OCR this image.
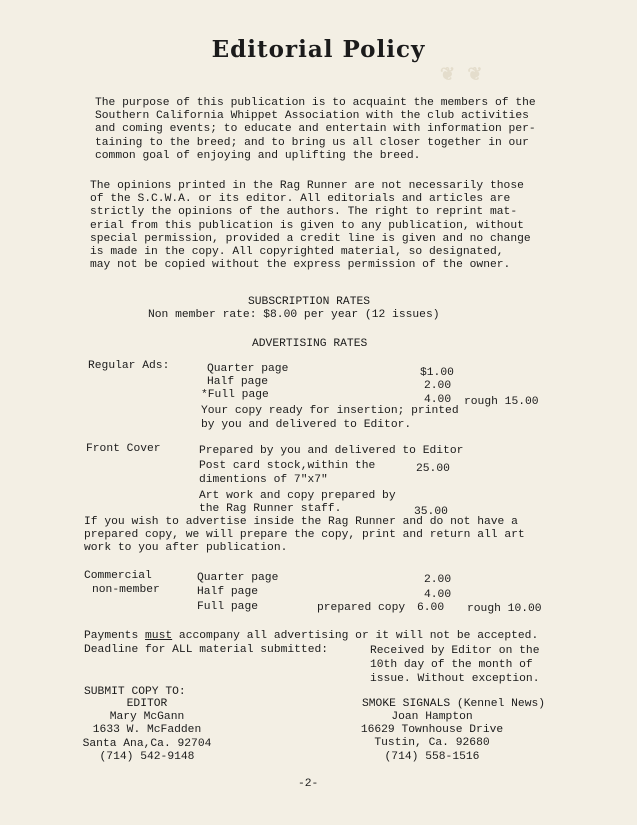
❦ ❦
Editorial Policy
The purpose of this publication is to acquaint the members of the
Southern California Whippet Association with the club activities
and coming events; to educate and entertain with information per-
taining to the breed; and to bring us all closer together in our
common goal of enjoying and uplifting the breed.
The opinions printed in the Rag Runner are not necessarily those
of the S.C.W.A. or its editor. All editorials and articles are
strictly the opinions of the authors. The right to reprint mat-
erial from this publication is given to any publication, without
special permission, provided a credit line is given and no change
is made in the copy. All copyrighted material, so designated,
may not be copied without the express permission of the owner.
SUBSCRIPTION RATES
Non member rate: $8.00 per year (12 issues)
ADVERTISING RATES
Regular Ads:	Quarter page	$1.00
Half page	2.00
*Full page	4.00 rough 15.00
Your copy ready for insertion; printed
by you and delivered to Editor.
Front Cover	Prepared by you and delivered to Editor
Post card stock,within the	25.00
dimentions of 7"x7"
Art work and copy prepared by
the Rag Runner staff.	35.00
If you wish to advertise inside the Rag Runner and do not have a
prepared copy, we will prepare the copy, print and return all art
work to you after publication.
Commercial
non-member
Quarter page	2.00
Half page	4.00
Full page	prepared copy 6.00 rough 10.00
Payments must accompany all advertising or it will not be accepted.
Deadline for ALL material submitted:	Received by Editor on the
10th day of the month of
issue. Without exception.
SUBMIT COPY TO:
EDITOR
Mary McGann
1633 W. McFadden
Santa Ana,Ca. 92704
(714) 542-9148
SMOKE SIGNALS (Kennel News)
Joan Hampton
16629 Townhouse Drive
Tustin, Ca. 92680
(714) 558-1516
-2-
